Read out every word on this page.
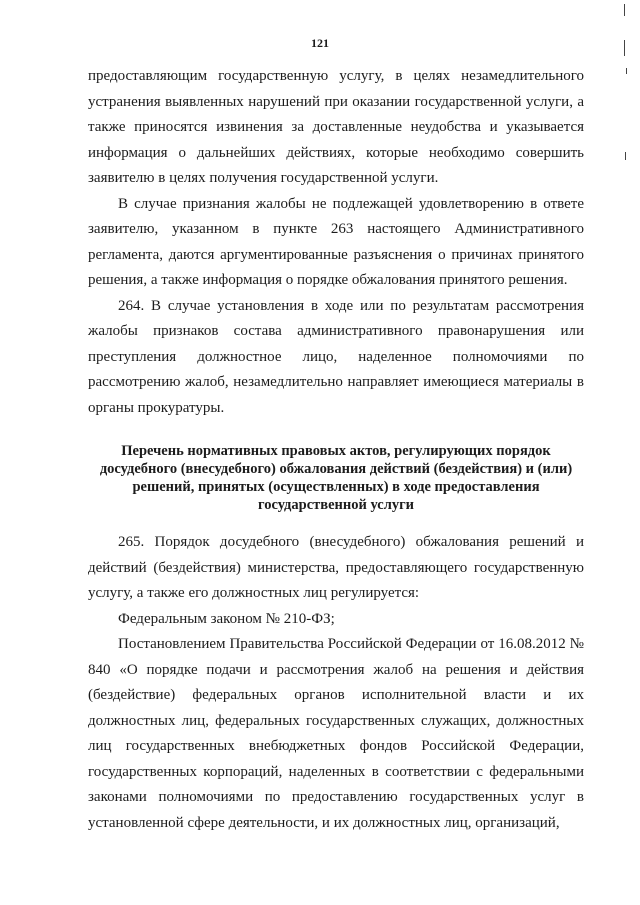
121

предоставляющим государственную услугу, в целях незамедлительного устранения выявленных нарушений при оказании государственной услуги, а также приносятся извинения за доставленные неудобства и указывается информация о дальнейших действиях, которые необходимо совершить заявителю в целях получения государственной услуги.

В случае признания жалобы не подлежащей удовлетворению в ответе заявителю, указанном в пункте 263 настоящего Административного регламента, даются аргументированные разъяснения о причинах принятого решения, а также информация о порядке обжалования принятого решения.

264. В случае установления в ходе или по результатам рассмотрения жалобы признаков состава административного правонарушения или преступления должностное лицо, наделенное полномочиями по рассмотрению жалоб, незамедлительно направляет имеющиеся материалы в органы прокуратуры.

Перечень нормативных правовых актов, регулирующих порядок досудебного (внесудебного) обжалования действий (бездействия) и (или) решений, принятых (осуществленных) в ходе предоставления государственной услуги

265. Порядок досудебного (внесудебного) обжалования решений и действий (бездействия) министерства, предоставляющего государственную услугу, а также его должностных лиц регулируется:

Федеральным законом № 210-ФЗ;

Постановлением Правительства Российской Федерации от 16.08.2012 № 840 «О порядке подачи и рассмотрения жалоб на решения и действия (бездействие) федеральных органов исполнительной власти и их должностных лиц, федеральных государственных служащих, должностных лиц государственных внебюджетных фондов Российской Федерации, государственных корпораций, наделенных в соответствии с федеральными законами полномочиями по предоставлению государственных услуг в установленной сфере деятельности, и их должностных лиц, организаций,
